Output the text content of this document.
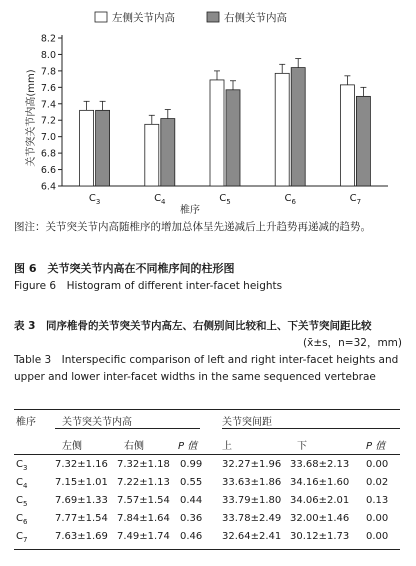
左侧关节内高	右侧关节内高
关节突关节内高(mm)
6.4
6.6
6.8
7.0
7.2
7.4
7.6
7.8
8.0
8.2
$C_3$	$C_4$	$C_5$	$C_6$	$C_7$
椎序
图注：关节突关节内高随椎序的增加总体呈先递减后上升趋势再递减的趋势。
图 6　关节突关节内高在不同椎序间的柱形图
Figure 6　Histogram of different inter-facet heights
表 3　同序椎骨的关节突关节内高左、右侧别间比较和上、下关节突间距比较
(x̄±s，n=32，mm)
Table 3　Interspecific comparison of left and right inter-facet heights and upper and lower inter-facet widths in the same sequenced vertebrae
椎序	关节突关节内高	关节突间距
左侧	右侧	P 值 上	下	P 值
$C_3$	7.32±1.16 7.32±1.18 0.99 32.27±1.96 33.68±2.13 0.00
$C_4$	7.15±1.01 7.22±1.13 0.55 33.63±1.86 34.16±1.60 0.02
$C_5$	7.69±1.33 7.57±1.54 0.44 33.79±1.80 34.06±2.01 0.13
$C_6$	7.77±1.54 7.84±1.64 0.36 33.78±2.49 32.00±1.46 0.00
$C_7$	7.63±1.69 7.49±1.74 0.46 32.64±2.41 30.12±1.73 0.00
